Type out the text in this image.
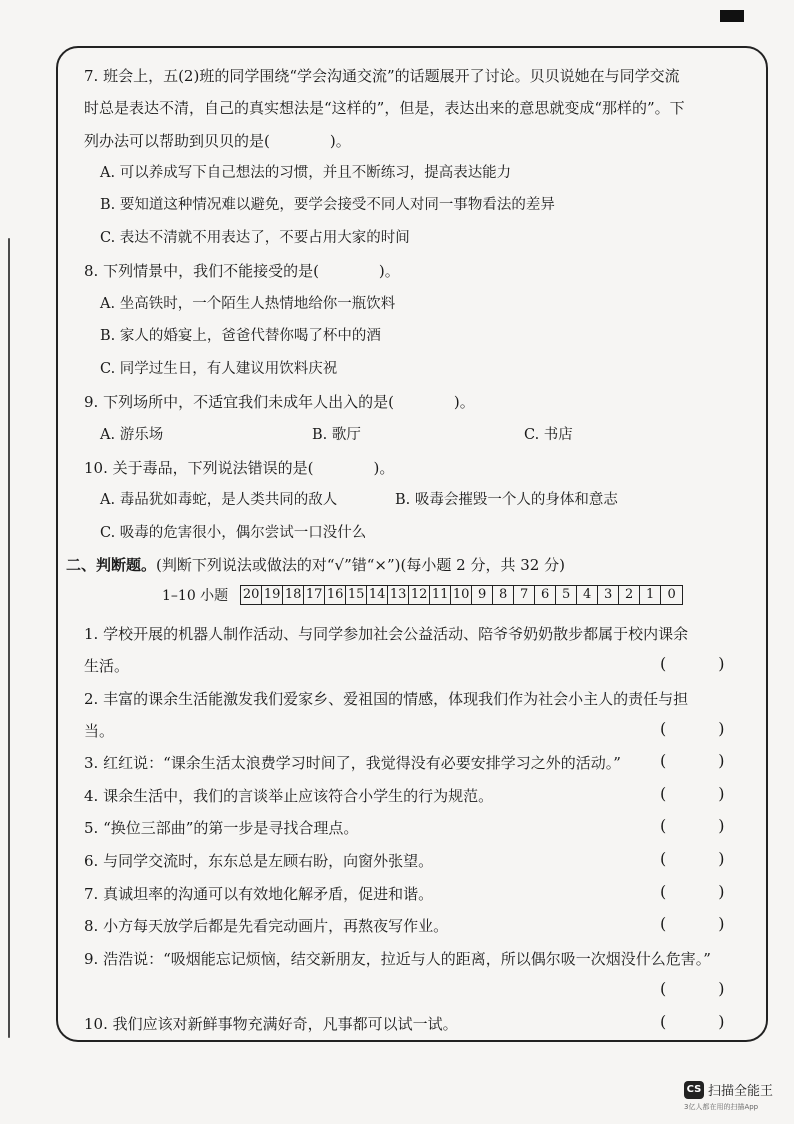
7. 班会上，五(2)班的同学围绕“学会沟通交流”的话题展开了讨论。贝贝说她在与同学交流
时总是表达不清，自己的真实想法是“这样的”，但是，表达出来的意思就变成“那样的”。下
列办法可以帮助到贝贝的是(　　　　)。
A. 可以养成写下自己想法的习惯，并且不断练习，提高表达能力
B. 要知道这种情况难以避免，要学会接受不同人对同一事物看法的差异
C. 表达不清就不用表达了，不要占用大家的时间
8. 下列情景中，我们不能接受的是(　　　　)。
A. 坐高铁时，一个陌生人热情地给你一瓶饮料
B. 家人的婚宴上，爸爸代替你喝了杯中的酒
C. 同学过生日，有人建议用饮料庆祝
9. 下列场所中，不适宜我们未成年人出入的是(　　　　)。
A. 游乐场	B. 歌厅	C. 书店
10. 关于毒品，下列说法错误的是(　　　　)。
A. 毒品犹如毒蛇，是人类共同的敌人	B. 吸毒会摧毁一个人的身体和意志
C. 吸毒的危害很小，偶尔尝试一口没什么
二、判断题。(判断下列说法或做法的对“√”错“×”)(每小题 2 分，共 32 分)
1–10 小题 20 19 18 17 16 15 14 13 12 11 10 9 8 7 6 5 4 3 2 1	0
1. 学校开展的机器人制作活动、与同学参加社会公益活动、陪爷爷奶奶散步都属于校内课余
生活。	(	)
2. 丰富的课余生活能激发我们爱家乡、爱祖国的情感，体现我们作为社会小主人的责任与担
当。	(	)
3. 红红说：“课余生活太浪费学习时间了，我觉得没有必要安排学习之外的活动。” (	)
4. 课余生活中，我们的言谈举止应该符合小学生的行为规范。	(	)
5. “换位三部曲”的第一步是寻找合理点。	(	)
6. 与同学交流时，东东总是左顾右盼，向窗外张望。	(	)
7. 真诚坦率的沟通可以有效地化解矛盾，促进和谐。	(	)
8. 小方每天放学后都是先看完动画片，再熬夜写作业。	(	)
9. 浩浩说：“吸烟能忘记烦恼，结交新朋友，拉近与人的距离，所以偶尔吸一次烟没什么危害。”
(	)
10. 我们应该对新鲜事物充满好奇，凡事都可以试一试。	(	)
CS 扫描全能王
3亿人都在用的扫描App
